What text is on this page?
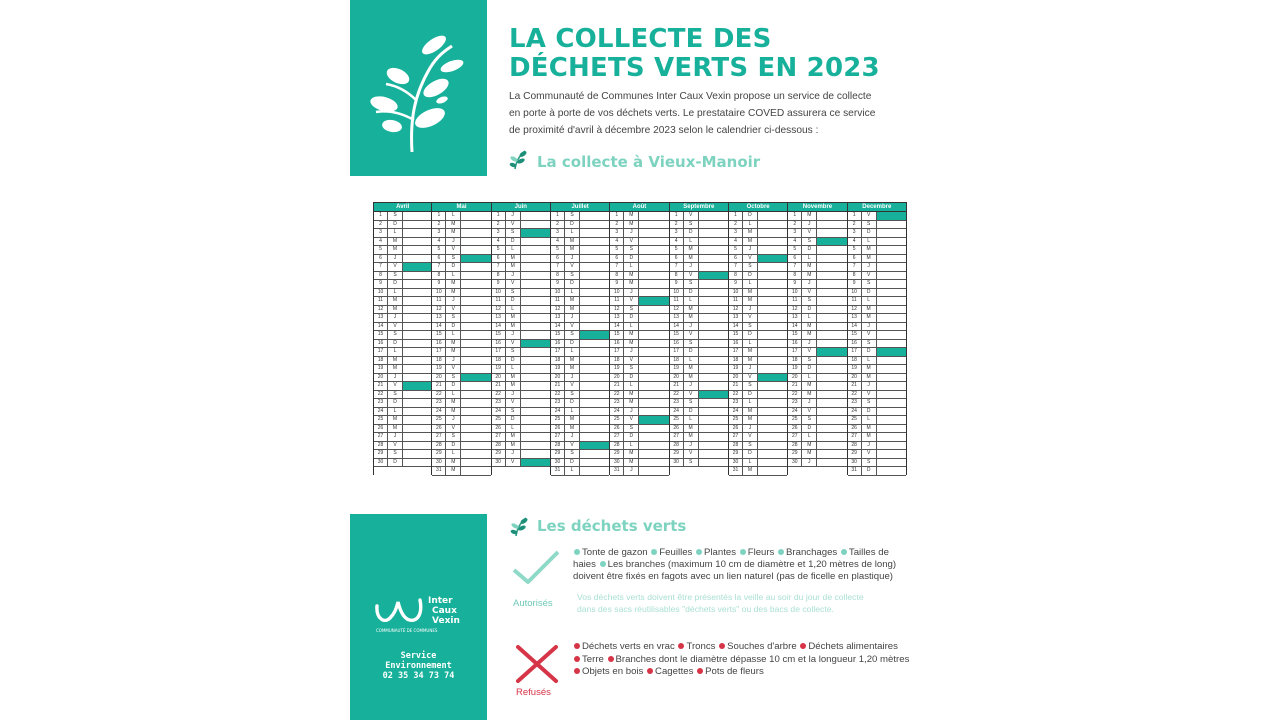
LA COLLECTE DES
DÉCHETS VERTS EN 2023
La Communauté de Communes Inter Caux Vexin propose un service de collecte
en porte à porte de vos déchets verts. Le prestataire COVED assurera ce service
de proximité d'avril à décembre 2023 selon le calendrier ci-dessous :
La collecte à Vieux-Manoir
Avril
1	S
2	D
3	L
4	M
5	M
6	J
7	V
8	S
9	D
10	L
11	M
12	M
13	J
14	V
15	S
16	D
17	L
18	M
19	M
20	J
21	V
22	S
23	D
24	L
25	M
26	M
27	J
28	V
29	S
30	D
Mai
1	L
2	M
3	M
4	J
5	V
6	S
7	D
8	L
9	M
10	M
11	J
12	V
13	S
14	D
15	L
16	M
17	M
18	J
19	V
20	S
21	D
22	L
23	M
24	M
25	J
26	V
27	S
28	D
29	L
30	M
31	M
Juin
1	J
2	V
3	S
4	D
5	L
6	M
7	M
8	J
9	V
10	S
11	D
12	L
13	M
14	M
15	J
16	V
17	S
18	D
19	L
20	M
21	M
22	J
23	V
24	S
25	D
26	L
27	M
28	M
29	J
30	V
Juillet
1	S
2	D
3	L
4	M
5	M
6	J
7	V
8	S
9	D
10	L
11	M
12	M
13	J
14	V
15	S
16	D
17	L
18	M
19	M
20	J
21	V
22	S
23	D
24	L
25	M
26	M
27	J
28	V
29	S
30	D
31	L
Août
1	M
2	M
3	J
4	V
5	S
6	D
7	L
8	M
9	M
10	J
11	V
12	S
13	D
14	L
15	M
16	M
17	J
18	V
19	S
20	D
21	L
22	M
23	M
24	J
25	V
26	S
27	D
28	L
29	M
30	M
31	J
Septembre
1	V
2	S
3	D
4	L
5	M
6	M
7	J
8	V
9	S
10	D
11	L
12	M
13	M
14	J
15	V
16	S
17	D
18	L
19	M
20	M
21	J
22	V
23	S
24	D
25	L
26	M
27	M
28	J
29	V
30	S
Octobre
1	D
2	L
3	M
4	M
5	J
6	V
7	S
8	D
9	L
10	M
11	M
12	J
13	V
14	S
15	D
16	L
17	M
18	M
19	J
20	V
21	S
22	D
23	L
24	M
25	M
26	J
27	V
28	S
29	D
30	L
31	M
Novembre
1	M
2	J
3	V
4	S
5	D
6	L
7	M
8	M
9	J
10	V
11	S
12	D
13	L
14	M
15	M
16	J
17	V
18	S
19	D
20	L
21	M
22	M
23	J
24	V
25	S
26	D
27	L
28	M
29	M
30	J
Decembre
1	V
2	S
3	D
4	L
5	M
6	M
7	J
8	V
9	S
10	D
11	L
12	M
13	M
14	J
15	V
16	S
17	D
18	L
19	M
20	M
21	J
22	V
23	S
24	D
25	L
26	M
27	M
28	J
29	V
30	S
31	D
Inter
Caux
Vexin
COMMUNAUTÉ DE COMMUNES
Service
Environnement
02 35 34 73 74
Les déchets verts
Autorisés
Tonte de gazon Feuilles Plantes Fleurs Branchages Tailles de
haies Les branches (maximum 10 cm de diamètre et 1,20 mètres de long)
doivent être fixés en fagots avec un lien naturel (pas de ficelle en plastique)
Vos déchets verts doivent être présentés la veille au soir du jour de collecte
dans des sacs réutilisables "déchets verts" ou des bacs de collecte.
Refusés
Déchets verts en vrac Troncs Souches d'arbre Déchets alimentaires
Terre Branches dont le diamètre dépasse 10 cm et la longueur 1,20 mètres
Objets en bois Cagettes Pots de fleurs
